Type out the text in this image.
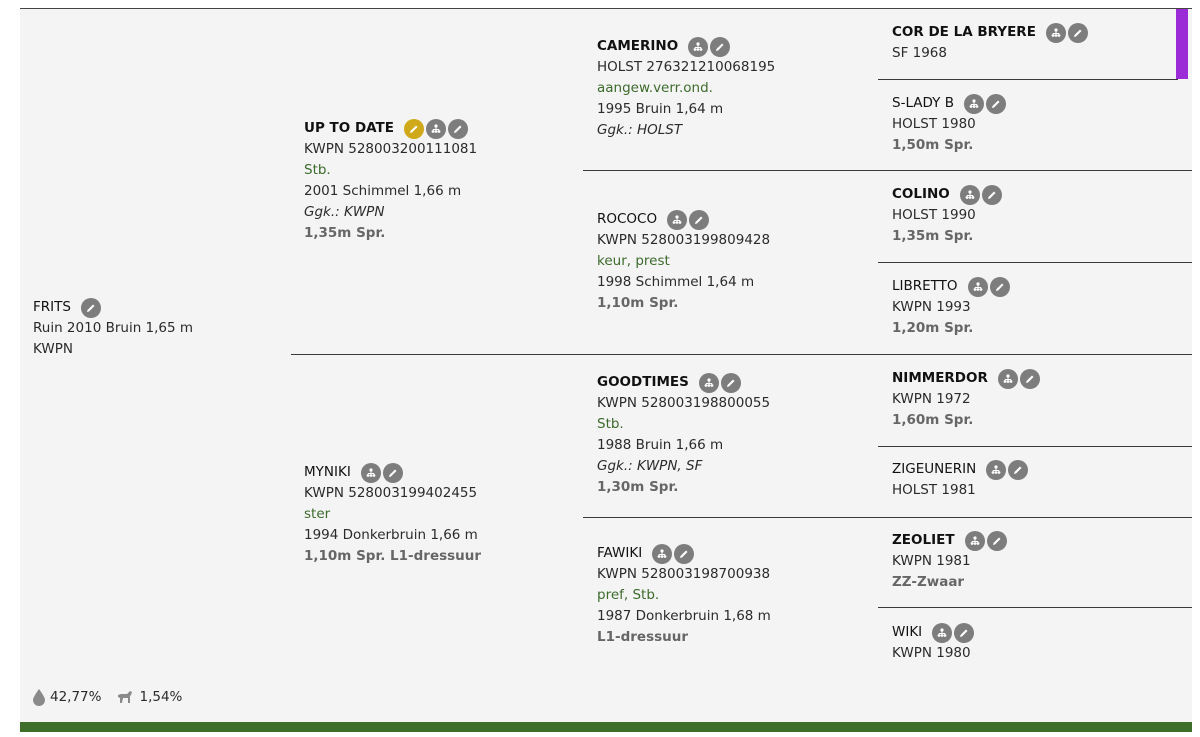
FRITS
Ruin 2010 Bruin 1,65 m
KWPN
UP TO DATE
KWPN 528003200111081
Stb.
2001 Schimmel 1,66 m
Ggk.: KWPN
1,35m Spr.
MYNIKI
KWPN 528003199402455
ster
1994 Donkerbruin 1,66 m
1,10m Spr. L1-dressuur
CAMERINO
HOLST 276321210068195
aangew.verr.ond.
1995 Bruin 1,64 m
Ggk.: HOLST
ROCOCO
KWPN 528003199809428
keur, prest
1998 Schimmel 1,64 m
1,10m Spr.
GOODTIMES
KWPN 528003198800055
Stb.
1988 Bruin 1,66 m
Ggk.: KWPN, SF
1,30m Spr.
FAWIKI
KWPN 528003198700938
pref, Stb.
1987 Donkerbruin 1,68 m
L1-dressuur
COR DE LA BRYERE
SF 1968
S-LADY B
HOLST 1980
1,50m Spr.
COLINO
HOLST 1990
1,35m Spr.
LIBRETTO
KWPN 1993
1,20m Spr.
NIMMERDOR
KWPN 1972
1,60m Spr.
ZIGEUNERIN
HOLST 1981
ZEOLIET
KWPN 1981
ZZ-Zwaar
WIKI
KWPN 1980
42,77%	1,54%
